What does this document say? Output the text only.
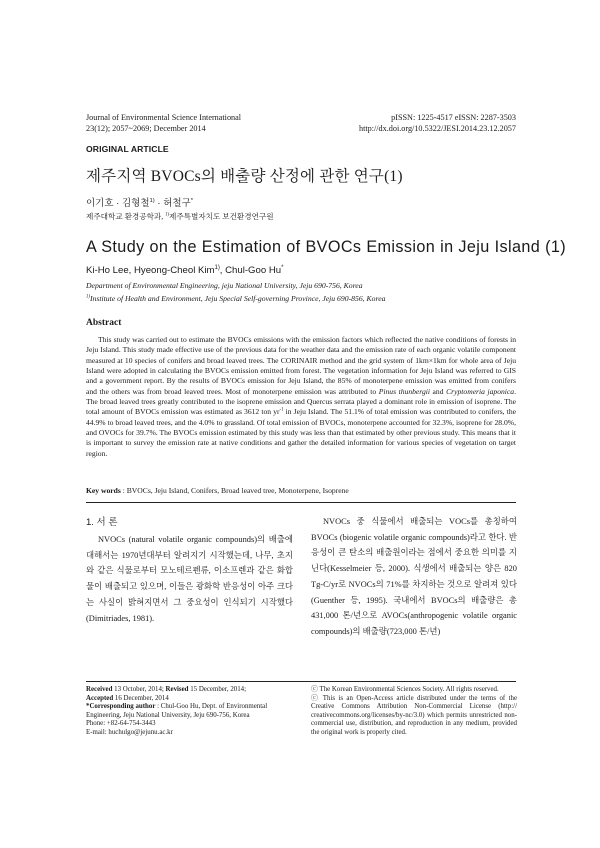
Journal of Environmental Science International
23(12); 2057~2069; December 2014
pISSN: 1225-4517 eISSN: 2287-3503
http://dx.doi.org/10.5322/JESI.2014.23.12.2057
ORIGINAL ARTICLE
제주지역 BVOCs의 배출량 산정에 관한 연구(1)
이기호 · 김형철$^{1)}$ · 허철구*
제주대학교 환경공학과, $^{1)}$제주특별자치도 보건환경연구원
A Study on the Estimation of BVOCs Emission in Jeju Island (1)
Ki-Ho Lee, Hyeong-Cheol Kim$^{1)}$, Chul-Goo Hu*
Department of Environmental Engineering, jeju National University, Jeju 690-756, Korea
$^{1)}$Institute of Health and Environment, Jeju Special Self-governing Province, Jeju 690-856, Korea
Abstract
This study was carried out to estimate the BVOCs emissions with the emission factors which reflected the native conditions of forests in Jeju Island. This study made effective use of the previous data for the weather data and the emission rate of each organic volatile component measured at 10 species of conifers and broad leaved trees. The CORINAIR method and the grid system of 1km×1km for whole area of Jeju Island were adopted in calculating the BVOCs emission emitted from forest. The vegetation information for Jeju Island was referred to GIS and a government report. By the results of BVOCs emission for Jeju Island, the 85% of monoterpene emission was emitted from conifers and the others was from broad leaved trees. Most of monoterpene emission was attributed to Pinus thunbergii and Cryptomeria japonica. The broad leaved trees greatly contributed to the isoprene emission and Quercus serrata played a dominant role in emission of isoprene. The total amount of BVOCs emission was estimated as 3612 ton $yr^{-1}$ in Jeju Island. The 51.1% of total emission was contributed to conifers, the 44.9% to broad leaved trees, and the 4.0% to grassland. Of total emission of BVOCs, monoterpene accounted for 32.3%, isoprene for 28.0%, and OVOCs for 39.7%. The BVOCs emission estimated by this study was less than that estimated by other previous study. This means that it is important to survey the emission rate at native conditions and gather the detailed information for various species of vegetation on target region.
Key words : BVOCs, Jeju Island, Conifers, Broad leaved tree, Monoterpene, Isoprene
1. 서 론
NVOCs (natural volatile organic compounds)의 배출에 대해서는 1970년대부터 알려지기 시작했는데, 나무, 초지와 같은 식물로부터 모노테르펜류, 이소프렌과 같은 화합물이 배출되고 있으며, 이들은 광화학 반응성이 아주 크다는 사실이 밝혀지면서 그 중요성이 인식되기 시작했다(Dimitriades, 1981).
NVOCs 중 식물에서 배출되는 VOCs를 총칭하여 BVOCs (biogenic volatile organic compounds)라고 한다. 반응성이 큰 탄소의 배출원이라는 점에서 중요한 의미를 지닌다(Kesselmeier 등, 2000). 식생에서 배출되는 양은 820 Tg-C/yr로 NVOCs의 71%를 차지하는 것으로 알려져 있다(Guenther 등, 1995). 국내에서 BVOCs의 배출량은 총 431,000 톤/년으로 AVOCs(anthropogenic volatile organic compounds)의 배출량(723,000 톤/년)
Received 13 October, 2014; Revised 15 December, 2014;
Accepted 16 December, 2014
*Corresponding author : Chul-Goo Hu, Dept. of Environmental Engineering, Jeju National University, Jeju 690-756, Korea
Phone: +82-64-754-3443
E-mail: huchulgo@jejunu.ac.kr
ⓒ The Korean Environmental Sciences Society. All rights reserved.
ⓒ This is an Open-Access article distributed under the terms of the Creative Commons Attribution Non-Commercial License (http:// creativecommons.org/licenses/by-nc/3.0) which permits unrestricted non-commercial use, distribution, and reproduction in any medium, provided the original work is properly cited.
